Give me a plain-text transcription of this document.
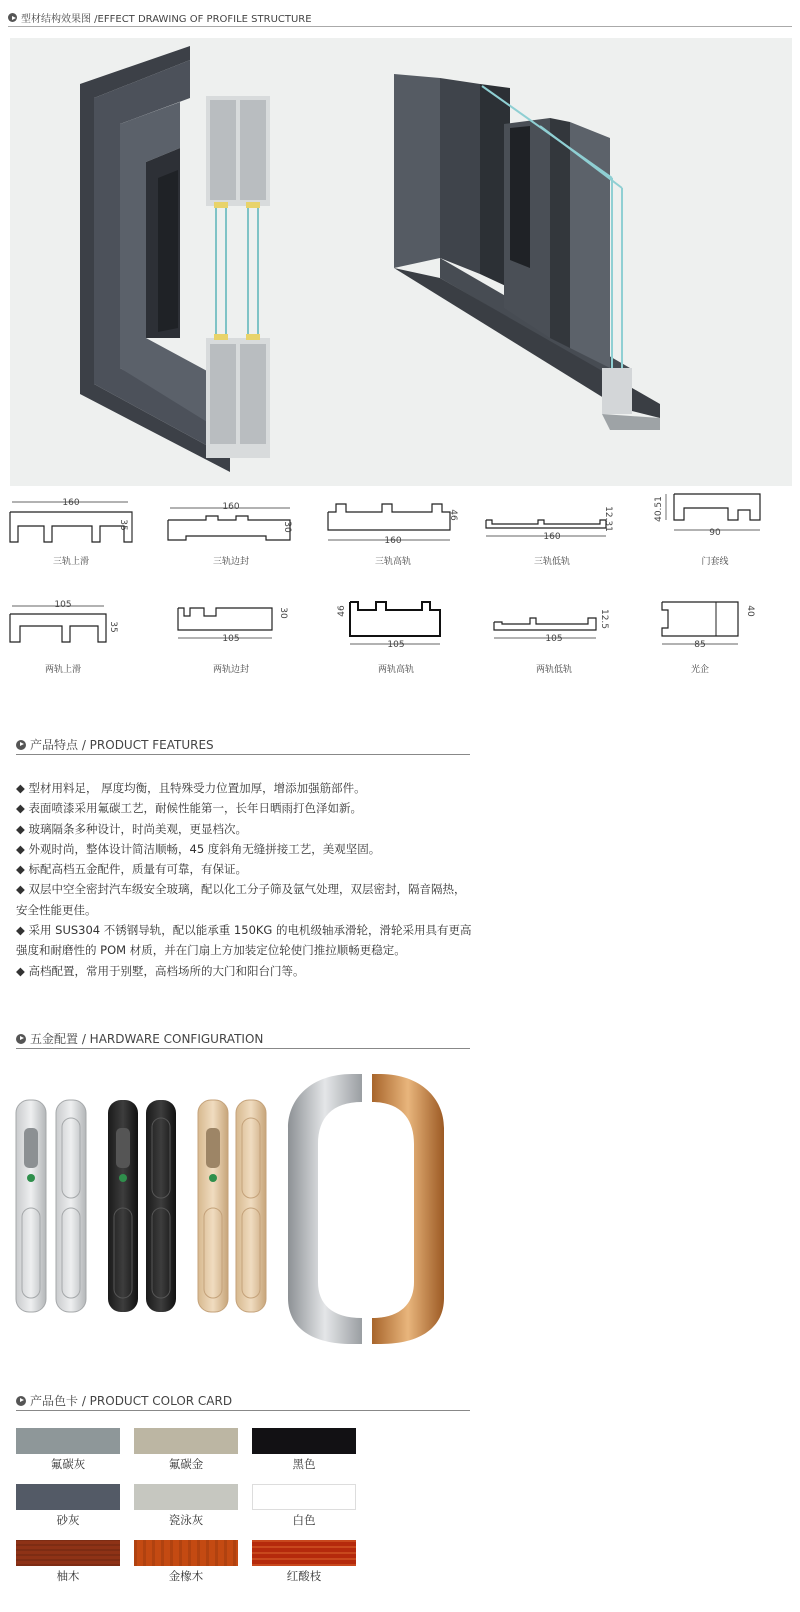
型材结构效果图 /EFFECT DRAWING OF PROFILE STRUCTURE
160
35
三轨上滑
160
30
三轨边封
160
46
三轨高轨
160
12.31
三轨低轨
90
40.51
门套线
105
35
两轨上滑
105
30
两轨边封
105
46
两轨高轨
105
12.5
两轨低轨
85
40
光企
产品特点 / PRODUCT FEATURES

◆ 型材用料足， 厚度均衡，且特殊受力位置加厚，增添加强筋部件。

◆ 表面喷漆采用氟碳工艺，耐候性能第一，长年日晒雨打色泽如新。

◆ 玻璃隔条多种设计，时尚美观，更显档次。

◆ 外观时尚，整体设计简洁顺畅，45 度斜角无缝拼接工艺，美观坚固。

◆ 标配高档五金配件，质量有可靠，有保证。

◆ 双层中空全密封汽车级安全玻璃，配以化工分子筛及氩气处理，双层密封，隔音隔热，安全性能更佳。

◆ 采用 SUS304 不锈钢导轨，配以能承重 150KG 的电机级轴承滑轮，滑轮采用具有更高强度和耐磨性的 POM 材质，并在门扇上方加装定位轮使门推拉顺畅更稳定。

◆ 高档配置，常用于别墅，高档场所的大门和阳台门等。

五金配置 / HARDWARE CONFIGURATION
产品色卡 / PRODUCT COLOR CARD
氟碳灰	氟碳金	黑色
砂灰	瓷泳灰	白色
柚木	金橡木	红酸枝
